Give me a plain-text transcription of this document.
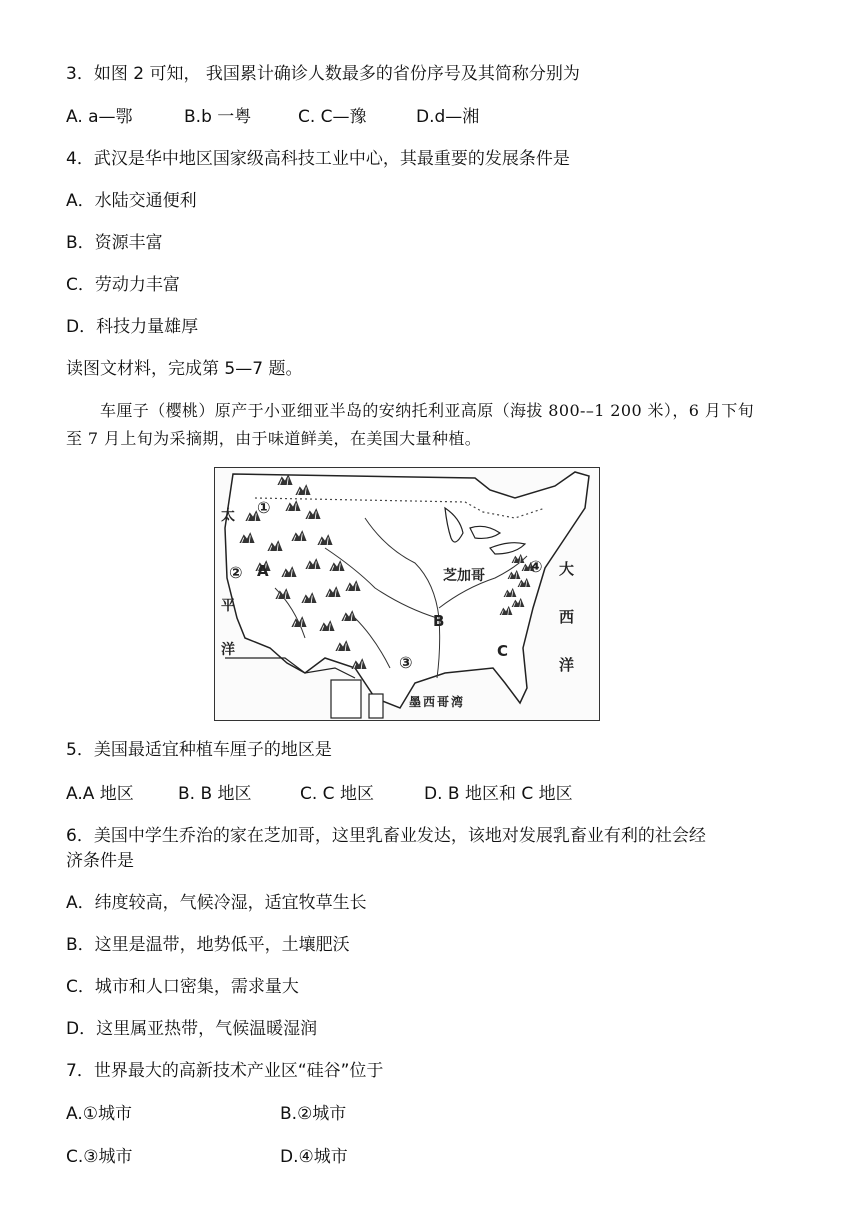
3．如图 2 可知， 我国累计确诊人数最多的省份序号及其简称分别为
A. a—鄂	B.b 一粤	C. C—豫	D.d—湘
4．武汉是华中地区国家级高科技工业中心，其最重要的发展条件是
A．水陆交通便利
B．资源丰富
C．劳动力丰富
D．科技力量雄厚
读图文材料，完成第 5—7 题。
车厘子（樱桃）原产于小亚细亚半岛的安纳托利亚高原（海拔 800-–1 200 米），6 月下旬至 7 月上旬为采摘期，由于味道鲜美，在美国大量种植。
①
②
③
④
A
B
C
芝加哥
太
平
洋
大
西
洋
墨西哥湾
5．美国最适宜种植车厘子的地区是
A.A 地区	B. B 地区	C. C 地区	D. B 地区和 C 地区
6．美国中学生乔治的家在芝加哥，这里乳畜业发达，该地对发展乳畜业有利的社会经
济条件是
A．纬度较高，气候冷湿，适宜牧草生长
B．这里是温带，地势低平，土壤肥沃
C．城市和人口密集，需求量大
D．这里属亚热带，气候温暖湿润
7．世界最大的高新技术产业区“硅谷”位于
A.①城市	B.②城市
C.③城市	D.④城市
